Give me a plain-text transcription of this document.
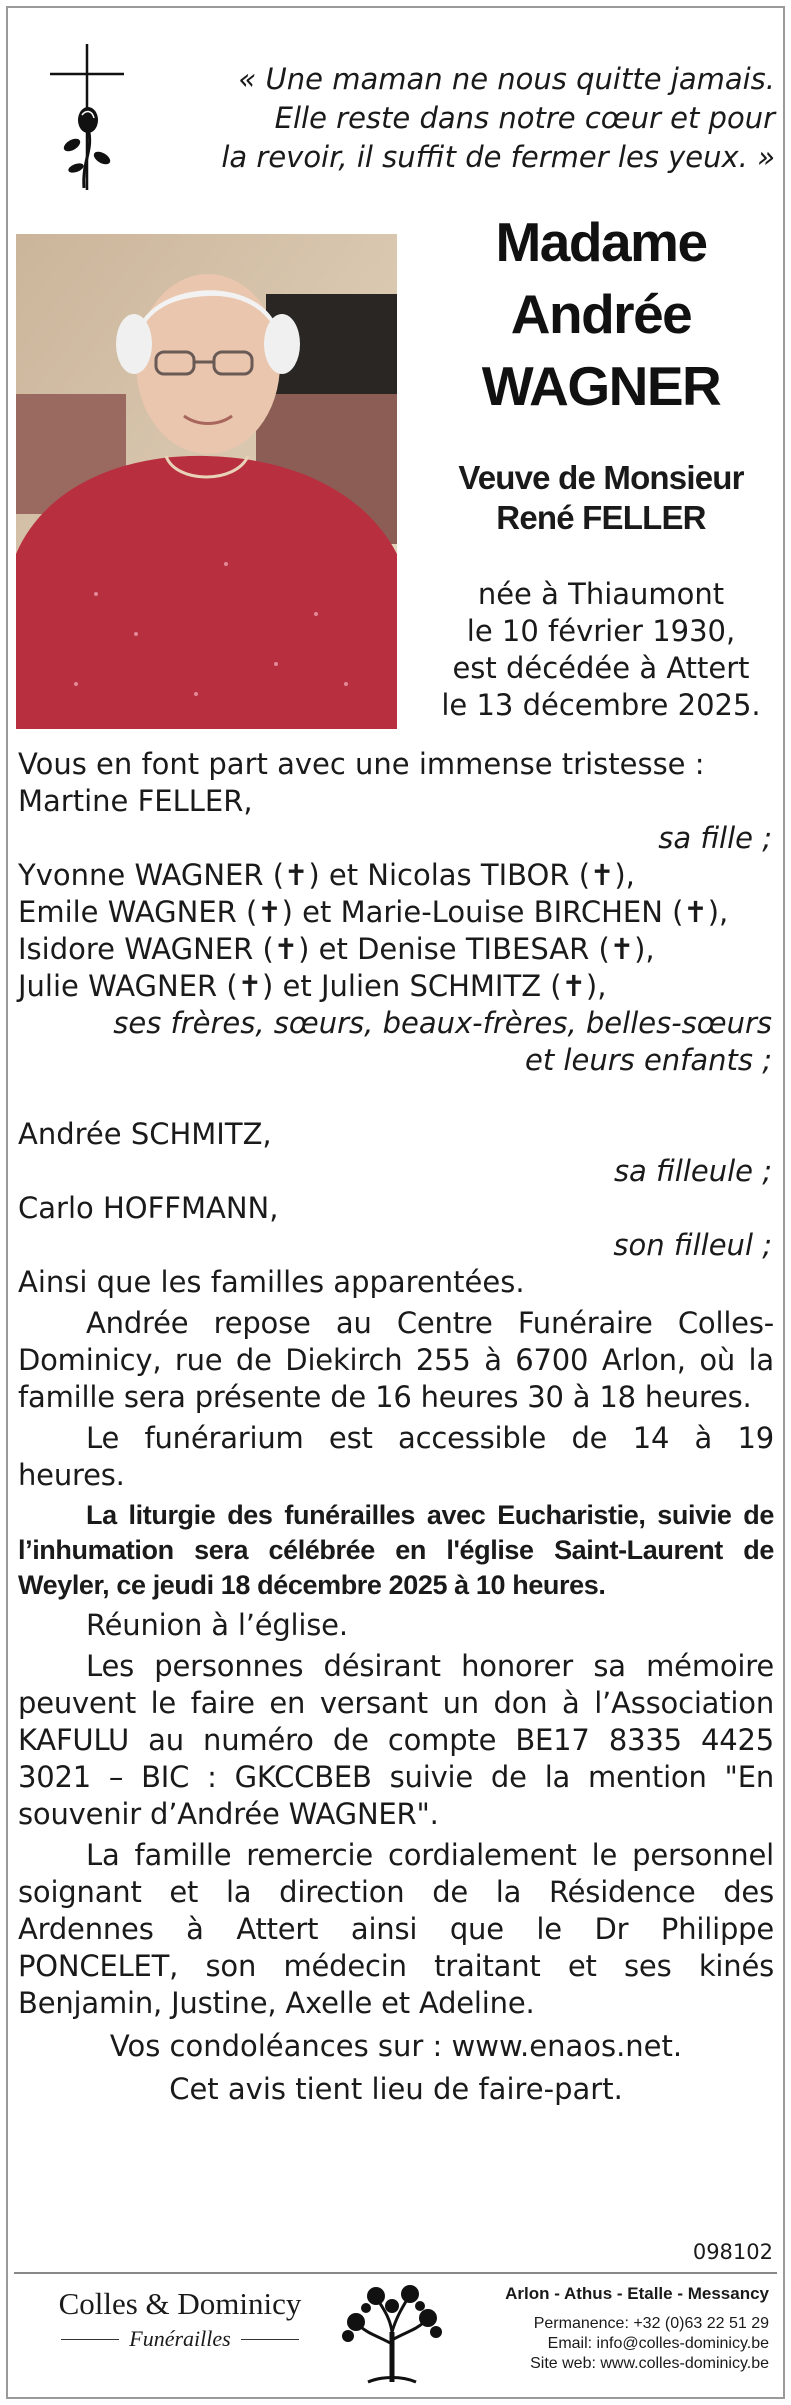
« Une maman ne nous quitte jamais.
Elle reste dans notre cœur et pour
la revoir, il suffit de fermer les yeux. »
Madame
Andrée
WAGNER
Veuve de Monsieur
René FELLER
née à Thiaumont
le 10 février 1930,
est décédée à Attert
le 13 décembre 2025.
Vous en font part avec une immense tristesse :
Martine FELLER,
sa fille ;
Yvonne WAGNER (✝) et Nicolas TIBOR (✝),
Emile WAGNER (✝) et Marie-Louise BIRCHEN (✝),
Isidore WAGNER (✝) et Denise TIBESAR (✝),
Julie WAGNER (✝) et Julien SCHMITZ (✝),
ses frères, sœurs, beaux-frères, belles-sœurs
et leurs enfants ;
Andrée SCHMITZ,
sa filleule ;
Carlo HOFFMANN,
son filleul ;
Ainsi que les familles apparentées.
Andrée repose au Centre Funéraire Colles-Dominicy, rue de Diekirch 255 à 6700 Arlon, où la famille sera présente de 16 heures 30 à 18 heures.
Le funérarium est accessible de 14 à 19 heures.
La liturgie des funérailles avec Eucharistie, suivie de l’inhumation sera célébrée en l'église Saint-Laurent de Weyler, ce jeudi 18 décembre 2025 à 10 heures.
Réunion à l’église.
Les personnes désirant honorer sa mémoire peuvent le faire en versant un don à l’Association KAFULU au numéro de compte BE17 8335 4425 3021 – BIC : GKCCBEB suivie de la mention "En souvenir d’Andrée WAGNER".
La famille remercie cordialement le personnel soignant et la direction de la Résidence des Ardennes à Attert ainsi que le Dr Philippe PONCELET, son médecin traitant et ses kinés Benjamin, Justine, Axelle et Adeline.
Vos condoléances sur : www.enaos.net.
Cet avis tient lieu de faire-part.
098102
Colles & Dominicy
Funérailles
Arlon - Athus - Etalle - Messancy
Permanence: +32 (0)63 22 51 29
Email: info@colles-dominicy.be
Site web: www.colles-dominicy.be
